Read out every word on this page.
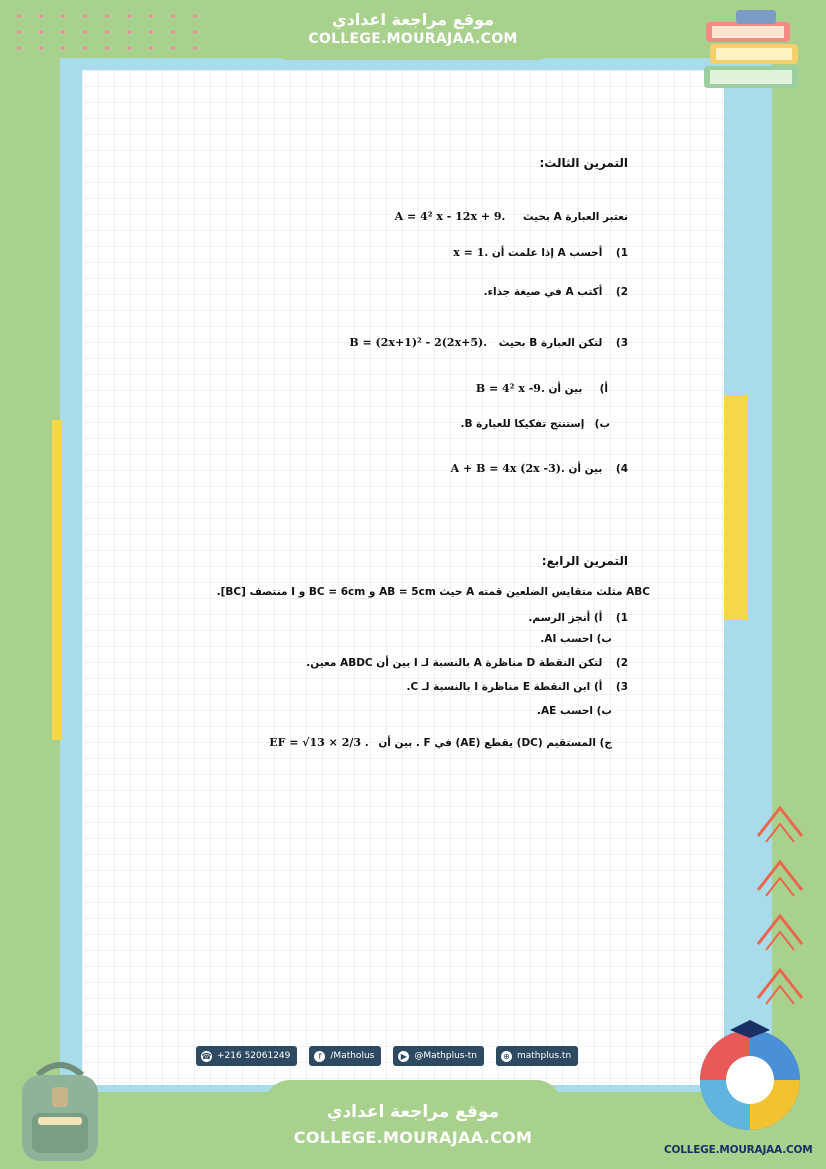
موقع مراجعة اعدادي
COLLEGE.MOURAJAA.COM
التمرين الثالث:
نعتبر العبارة A بحيث A = 4² x - 12x + 9.
1) أحسب A إذا علمت أن x = 1.
2) أكتب A في صيغة جذاء.
3) لتكن العبارة B بحيث B = (2x+1)² - 2(2x+5).
أ) بين أن B = 4² x -9.
ب) إستنتج تفكيكا للعبارة B.
4) بين أن A + B = 4x (2x -3).
التمرين الرابع:
ABC مثلث متقايس الضلعين قمته A حيث AB = 5cm و BC = 6cm و I منتصف [BC].
1) أ) أنجز الرسم.
ب) احسب AI.
2) لتكن النقطة D مناظرة A بالنسبة لـ I بين أن ABDC معين.
3) أ) ابن النقطة E مناظرة I بالنسبة لـ C.
ب) احسب AE.
ج) المستقيم (DC) يقطع (AE) في F . بين أن EF = √13 × 2/3 .
☎ +216 52061249	f	/Matholus	▶ @Mathplus-tn	⊕ mathplus.tn
موقع مراجعة اعدادي
COLLEGE.MOURAJAA.COM
COLLEGE.MOURAJAA.COM
